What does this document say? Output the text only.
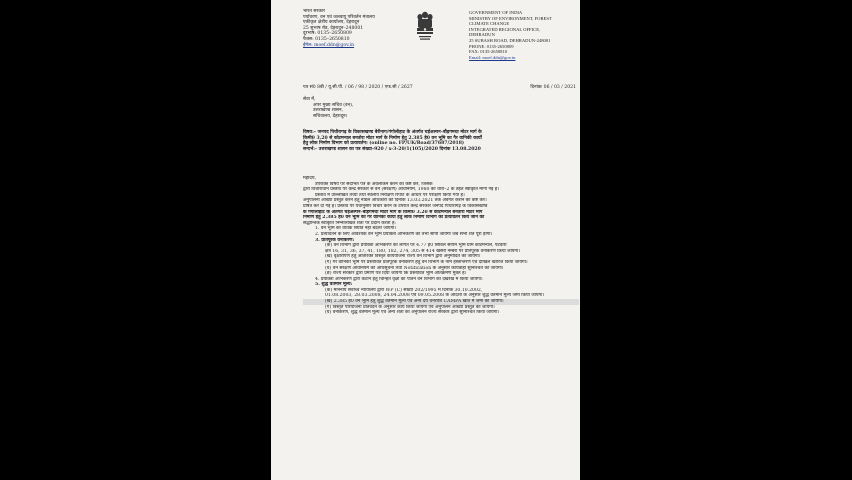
भारत सरकार
पर्यावरण, वन एवं जलवायु परिवर्तन मंत्रालय
एकीकृत क्षेत्रीय कार्यालय, देहरादून
25 सुभाष रोड, देहरादून–248001
दूरभाष: 0135–2650809
फैक्स: 0135–2650810
ईमेल: moef.ddn@gov.in
GOVERNMENT OF INDIA
MINISTRY OF ENVIRONMENT, FOREST
CLIMATE CHANGE
INTEGRATED REGIONAL OFFICE,
DEHRADUN
25 SUBASH ROAD, DEHRADUN-248001
PHONE: 0135-2650809
FAX: 0135-2650810
Email: moef.ddn@gov.in
पत्र सं0 8बी / यू.सी.पी. / 06 / 98 / 2020 / एफ.सी / 2627	दिनांकः 06 / 03 / 2021
सेवा में,
अपर मुख्य सचिव (वन),
उत्तराखण्ड शासन,
सचिवालय, देहरादून।
विषय:– जनपद पिथौरागढ़ के विकासखण्ड बेरीनाग/गंगोलीहाट के अंतर्गत चर्ड़अल्पन–बौड़गमथा मोटर मार्ग के
किमी0 3.20 से कोटमन्यल बनतोरा मोटर मार्ग के निर्माण हेतु 2.385 हे0 वन भूमि का गैर वानिकी कार्यों
हेतु लोक निर्माण विभाग को प्रत्यावर्तन। (online no. FP/UK/Road/37687/2018)
सन्दर्भ:– उत्तराखण्ड शासन का पत्र संख्या–920 / x-3-20/1(105)/2020 दिनांक 13.08.2020
महोदय,
उपरोक्त विषय पर संदर्भित पत्र के अवलोकन करने का कष्ट करें, जिसके
द्वारा विचाराधीन प्रस्ताव पर केन्द्र सरकार से वन (संरक्षण) अधिनियम, 1980 की धारा–2 के तहत स्वीकृति मांगी गई है।
प्रस्ताव में उल्लिखित तथ्यों तथा स्थलीय निरीक्षण रिपोर्ट के आधार पर परीक्षण किया गया है।
अनुपालना आख्या प्रस्तुत करने हेतु नोडल अधिकारी को दिनांक 13.03.2021 तक अवगत कराने का कष्ट करें।
प्रेषित कर दी गई है। प्रस्ताव पर यथानुसार विचार करने के उपरांत केन्द्र सरकार जनपद पिथौरागढ़ के विकासखण्ड
के गंगोलीहाट के अंतर्गत चर्ड़अल्पन–बौड़गमथा मोटर मार्ग के किमी0 3.20 से कोटमन्यल बनतोरा मोटर मार्ग
निर्माण हेतु 2.385 हे0 वन भूमि का गैर वानिकी कार्यों हेतु लोक निर्माण विभाग को प्रत्यावर्तन किये जाने की
सैद्धान्तिक स्वीकृति निम्नलिखित शर्तों पर प्रदान करती है:
1. वन भूमि की वैधिक स्थिति नहीं बदली जायेगी।
2. प्रत्यावर्तन के लिए आवश्यक वन भूमि प्रयोक्ता अभिकरण को तभी सौंपी जायेगी जब सभी शर्तें पूरी होंगी।
3. प्रतिपूरक वनीकरण:
(क) वन विभाग द्वारा प्रयोक्ता अभिकरण की लागत पर 4.77 हे0 सिविल सोयम भूमि ग्राम कोटमन्यल, पटवारी
क्षेत्र 16, 31, 36, 37, 41, 180, 182, 274, 305 से 414 खसरा नम्बरों पर प्रतिपूरक वनीकरण किया जायेगा।
(ख) वृक्षारोपण हेतु अतिरिक्त विस्तृत कार्ययोजना राज्य वन विभाग द्वारा अनुमोदित की जायेगी।
(ग) गैर वानिकी भूमि पर प्रस्तावित प्रतिपूरक वनीकरण हेतु वन विभाग के नाम हस्तान्तरण एवं दाखिल खारिज किया जायेगा।
(घ) वन संरक्षण अधिनियम की अधिसूचना तथा Notification के अनुसार कार्यवाही सुनिश्चित की जायेगी।
(ङ) राज्य सरकार द्वारा प्रमाण पत्र दिया जायेगा कि प्रस्तावित भूमि अतिक्रमण मुक्त है।
4. प्रयोक्ता अभिकरण द्वारा कटान हेतु चिन्हित वृक्षों का पातन वन विभाग की देखरेख में किया जायेगा।
5. शुद्ध वर्तमान मूल्य:
(क) माननीय सर्वोच्च न्यायालय द्वारा WP (C) संख्या 202/1995 में दिनांक 30.10.2002,
01.08.2003, 28.03.2008, 24.04.2008 एवं 09.05.2008 के आदेशों के अनुसार शुद्ध वर्तमान मूल्य जमा किया जायेगा।
(ख) 2.385 हे0 वन भूमि हेतु शुद्ध वर्तमान मूल्य एवं अन्य देय धनराशि CAMPA खाते में जमा की जायेगी।
(ग) विस्तृत परियोजना प्रतिवेदन के अनुसार कार्य किया जायेगा एवं अनुपालन आख्या प्रस्तुत की जायेगी।
(घ) वनीकरण, शुद्ध वर्तमान मूल्य एवं अन्य शर्तों का अनुपालन राज्य सरकार द्वारा सुनिश्चित किया जायेगा।
